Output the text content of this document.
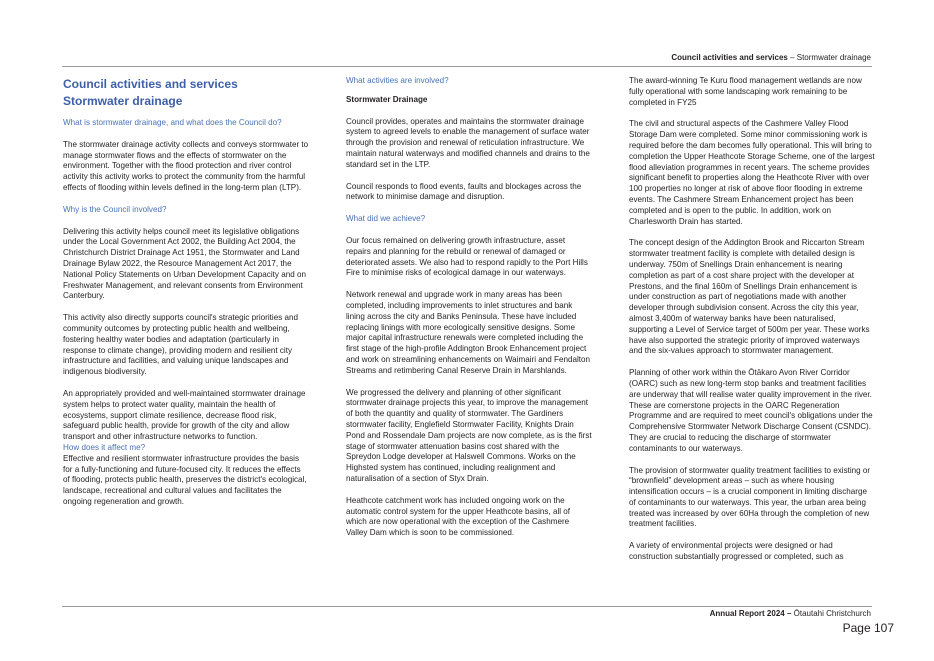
Council activities and services – Stormwater drainage
Council activities and services
Stormwater drainage
What is stormwater drainage, and what does the Council do?

The stormwater drainage activity collects and conveys stormwater to manage stormwater flows and the effects of stormwater on the environment. Together with the flood protection and river control activity this activity works to protect the community from the harmful effects of flooding within levels defined in the long-term plan (LTP).

Why is the Council involved?

Delivering this activity helps council meet its legislative obligations under the Local Government Act 2002, the Building Act 2004, the Christchurch District Drainage Act 1951, the Stormwater and Land Drainage Bylaw 2022, the Resource Management Act 2017, the National Policy Statements on Urban Development Capacity and on Freshwater Management, and relevant consents from Environment Canterbury.

This activity also directly supports council's strategic priorities and community outcomes by protecting public health and wellbeing, fostering healthy water bodies and adaptation (particularly in response to climate change), providing modern and resilient city infrastructure and facilities, and valuing unique landscapes and indigenous biodiversity.

An appropriately provided and well-maintained stormwater drainage system helps to protect water quality, maintain the health of ecosystems, support climate resilience, decrease flood risk, safeguard public health, provide for growth of the city and allow transport and other infrastructure networks to function.

How does it affect me?

Effective and resilient stormwater infrastructure provides the basis for a fully-functioning and future-focused city. It reduces the effects of flooding, protects public health, preserves the district's ecological, landscape, recreational and cultural values and facilitates the ongoing regeneration and growth.

What activities are involved?
Stormwater Drainage

Council provides, operates and maintains the stormwater drainage system to agreed levels to enable the management of surface water through the provision and renewal of reticulation infrastructure. We maintain natural waterways and modified channels and drains to the standard set in the LTP.

Council responds to flood events, faults and blockages across the network to minimise damage and disruption.

What did we achieve?

Our focus remained on delivering growth infrastructure, asset repairs and planning for the rebuild or renewal of damaged or deteriorated assets. We also had to respond rapidly to the Port Hills Fire to minimise risks of ecological damage in our waterways.

Network renewal and upgrade work in many areas has been completed, including improvements to inlet structures and bank lining across the city and Banks Peninsula. These have included replacing linings with more ecologically sensitive designs. Some major capital infrastructure renewals were completed including the first stage of the high-profile Addington Brook Enhancement project and work on streamlining enhancements on Waimairi and Fendalton Streams and retimbering Canal Reserve Drain in Marshlands.

We progressed the delivery and planning of other significant stormwater drainage projects this year, to improve the management of both the quantity and quality of stormwater. The Gardiners stormwater facility, Englefield Stormwater Facility, Knights Drain Pond and Rossendale Dam projects are now complete, as is the first stage of stormwater attenuation basins cost shared with the Spreydon Lodge developer at Halswell Commons. Works on the Highsted system has continued, including realignment and naturalisation of a section of Styx Drain.

Heathcote catchment work has included ongoing work on the automatic control system for the upper Heathcote basins, all of which are now operational with the exception of the Cashmere Valley Dam which is soon to be commissioned.

The award-winning Te Kuru flood management wetlands are now fully operational with some landscaping work remaining to be completed in FY25

The civil and structural aspects of the Cashmere Valley Flood Storage Dam were completed. Some minor commissioning work is required before the dam becomes fully operational. This will bring to completion the Upper Heathcote Storage Scheme, one of the largest flood alleviation programmes in recent years. The scheme provides significant benefit to properties along the Heathcote River with over 100 properties no longer at risk of above floor flooding in extreme events. The Cashmere Stream Enhancement project has been completed and is open to the public. In addition, work on Charlesworth Drain has started.

The concept design of the Addington Brook and Riccarton Stream stormwater treatment facility is complete with detailed design is underway. 750m of Snellings Drain enhancement is nearing completion as part of a cost share project with the developer at Prestons, and the final 160m of Snellings Drain enhancement is under construction as part of negotiations made with another developer through subdivision consent. Across the city this year, almost 3,400m of waterway banks have been naturalised, supporting a Level of Service target of 500m per year. These works have also supported the strategic priority of improved waterways and the six-values approach to stormwater management.

Planning of other work within the Ōtākaro Avon River Corridor (OARC) such as new long-term stop banks and treatment facilities are underway that will realise water quality improvement in the river. These are cornerstone projects in the OARC Regeneration Programme and are required to meet council's obligations under the Comprehensive Stormwater Network Discharge Consent (CSNDC). They are crucial to reducing the discharge of stormwater contaminants to our waterways.

The provision of stormwater quality treatment facilities to existing or “brownfield” development areas – such as where housing intensification occurs – is a crucial component in limiting discharge of contaminants to our waterways. This year, the urban area being treated was increased by over 60Ha through the completion of new treatment facilities.

A variety of environmental projects were designed or had construction substantially progressed or completed, such as

Annual Report 2024 – Ōtautahi Christchurch
Page 107
